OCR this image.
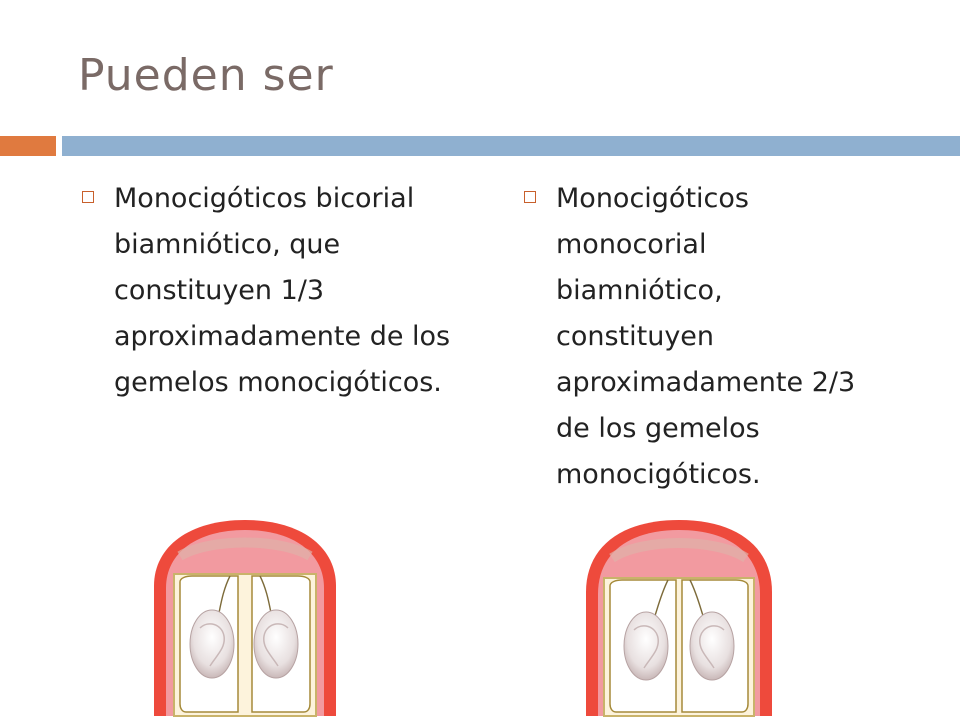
Pueden ser
Monocigóticos bicorial biamniótico, que constituyen 1/3 aproximadamente de los gemelos monocigóticos.
Monocigóticos monocorial biamniótico, constituyen aproximadamente 2/3 de los gemelos monocigóticos.
